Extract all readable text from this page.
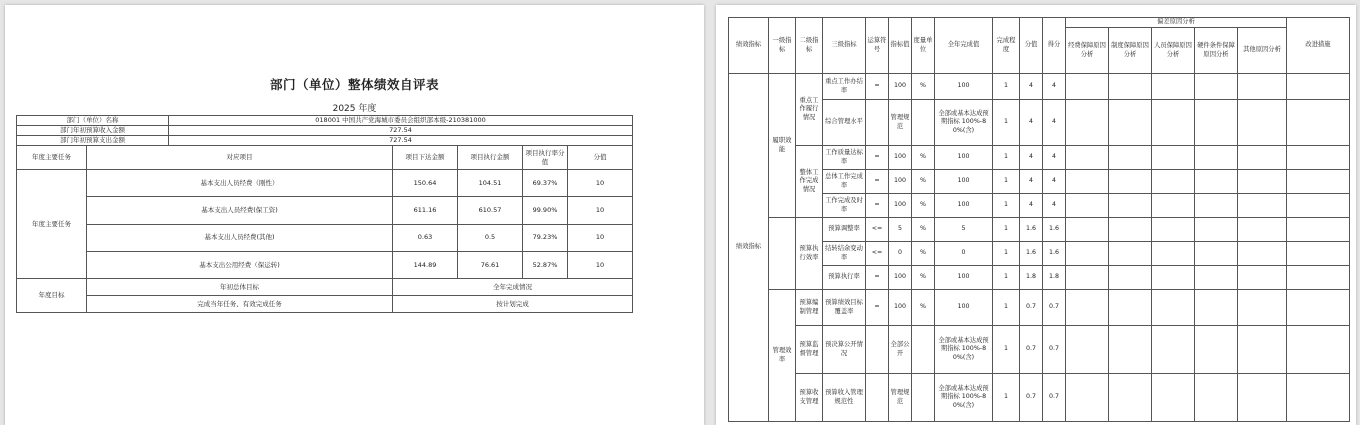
部门（单位）整体绩效自评表
2025 年度
部门（单位）名称		018001 中国共产党海城市委员会组织部本级-210381000					
部门年初预算收入金额		727.54					
部门年初预算支出金额		727.54					
年度主要任务	对应项目		项目下达金额	项目执行金额	项目执行率分值	分值	
年度主要任务	基本支出人员经费（刚性）		150.64	104.51	69.37%	10	
	基本支出人员经费(保工资)		611.16	610.57	99.90%	10	
	基本支出人员经费(其他)		0.63	0.5	79.23%	10	
	基本支出公用经费（保运转)		144.89	76.61	52.87%	10	
年度目标	年初总体目标		全年完成情况				
	完成当年任务、有效完成任务		按计划完成				
绩效指标	一级指标	二级指标	三级指标	运算符号	指标值	度量单位	全年完成值	完成程度	分值	得分	偏差原因分析					改进措施
											经费保障原因分析	制度保障原因分析	人员保障原因分析	硬件条件保障原因分析	其他原因分析	
绩效指标	履职效能	重点工作履行情况	重点工作办结率	=	100	%	100	1	4	4						
			综合管理水平		管理规范		全部或基本达成预期指标 100%-80%(含)	1	4	4						
		整体工作完成情况	工作质量达标率	=	100	%	100	1	4	4						
			总体工作完成率	=	100	%	100	1	4	4						
			工作完成及时率	=	100	%	100	1	4	4						
		预算执行效率	预算调整率	<=	5	%	5	1	1.6	1.6						
			结转结余变动率	<=	0	%	0	1	1.6	1.6						
			预算执行率	=	100	%	100	1	1.8	1.8						
	管理效率	预算编制管理	预算绩效目标覆盖率	=	100	%	100	1	0.7	0.7						
		预算监督管理	预决算公开情况		全部公开		全部或基本达成预期指标 100%-80%(含)	1	0.7	0.7						
		预算收支管理	预算收入管理规范性		管理规范		全部或基本达成预期指标 100%-80%(含)	1	0.7	0.7						
